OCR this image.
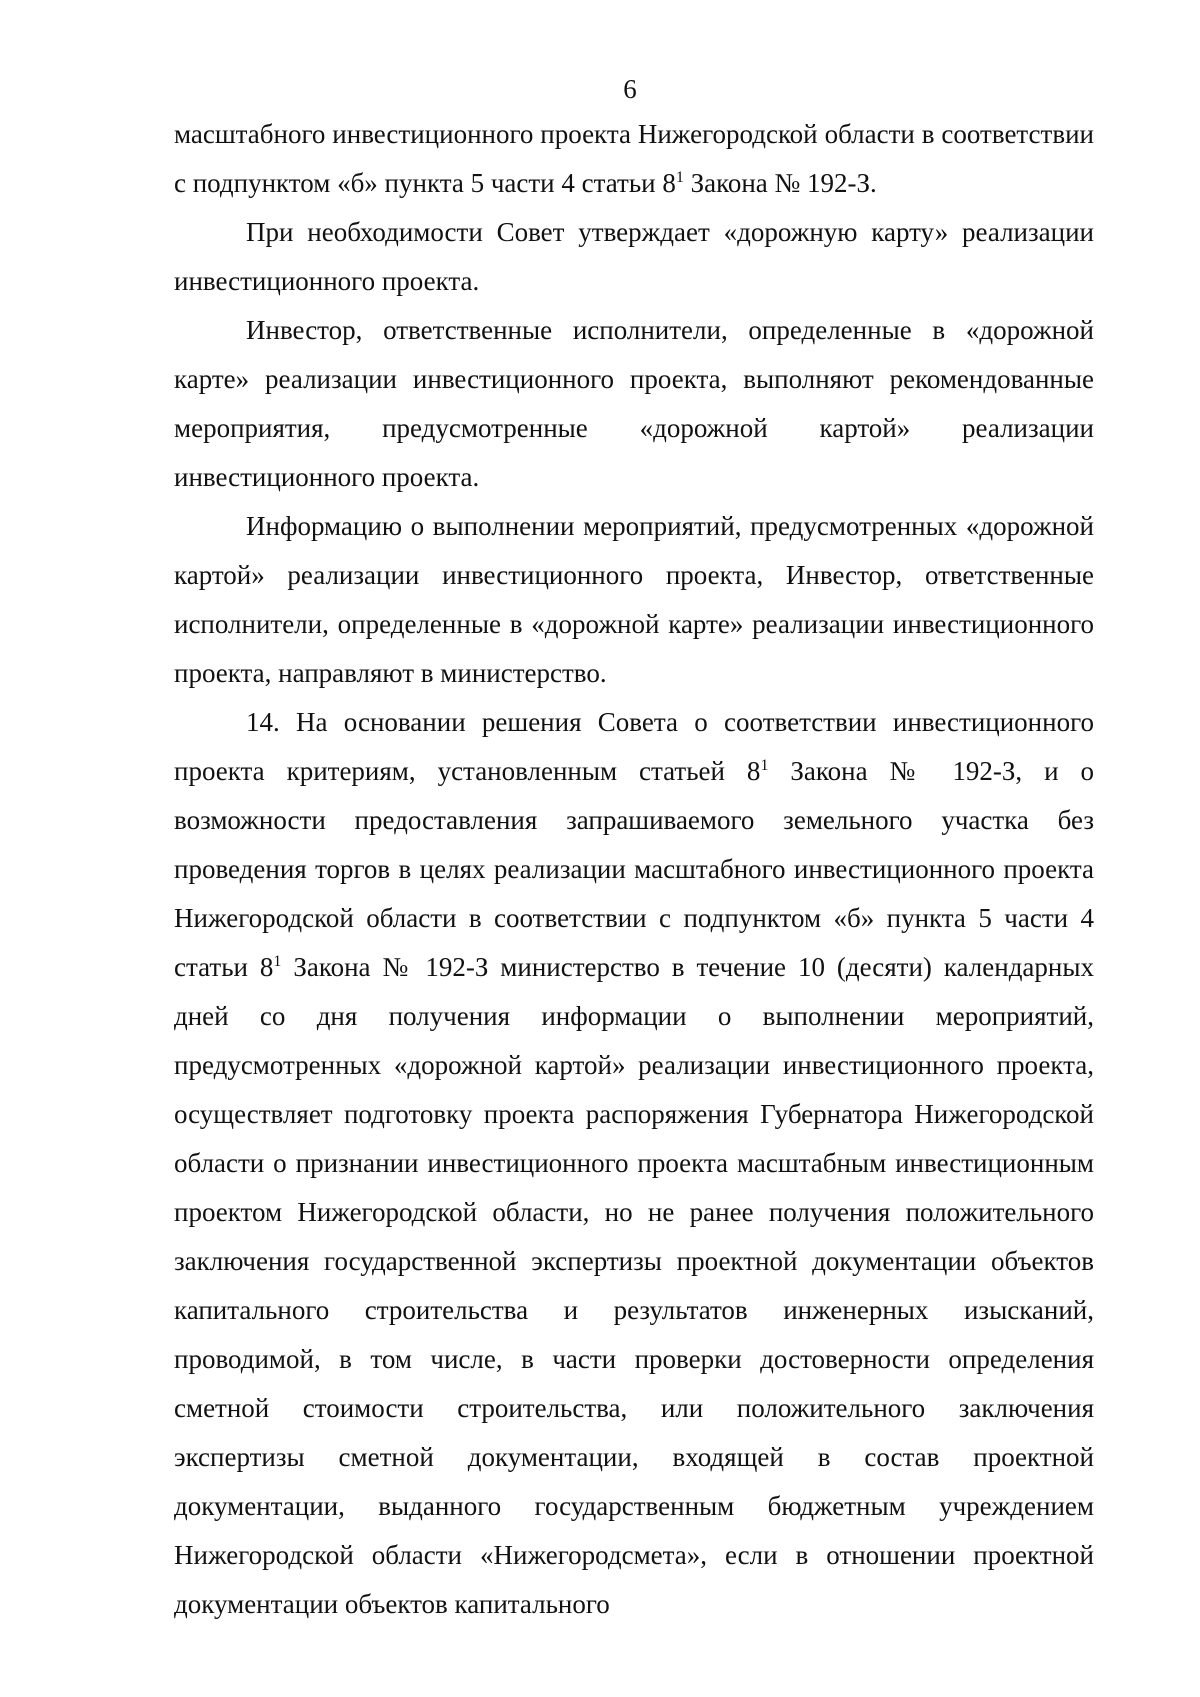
6

масштабного инвестиционного проекта Нижегородской области в соответствии с подпунктом «б» пункта 5 части 4 статьи $8^1$ Закона № 192-З.

При необходимости Совет утверждает «дорожную карту» реализации инвестиционного проекта.

Инвестор, ответственные исполнители, определенные в «дорожной карте» реализации инвестиционного проекта, выполняют рекомендованные мероприятия, предусмотренные «дорожной картой» реализации инвестиционного проекта.

Информацию о выполнении мероприятий, предусмотренных «дорожной картой» реализации инвестиционного проекта, Инвестор, ответственные исполнители, определенные в «дорожной карте» реализации инвестиционного проекта, направляют в министерство.

14. На основании решения Совета о соответствии инвестиционного проекта критериям, установленным статьей $8^1$ Закона № 192-З, и о возможности предоставления запрашиваемого земельного участка без проведения торгов в целях реализации масштабного инвестиционного проекта Нижегородской области в соответствии с подпунктом «б» пункта 5 части 4 статьи $8^1$ Закона № 192-З министерство в течение 10 (десяти) календарных дней со дня получения информации о выполнении мероприятий, предусмотренных «дорожной картой» реализации инвестиционного проекта, осуществляет подготовку проекта распоряжения Губернатора Нижегородской области о признании инвестиционного проекта масштабным инвестиционным проектом Нижегородской области, но не ранее получения положительного заключения государственной экспертизы проектной документации объектов капитального строительства и результатов инженерных изысканий, проводимой, в том числе, в части проверки достоверности определения сметной стоимости строительства, или положительного заключения экспертизы сметной документации, входящей в состав проектной документации, выданного государственным бюджетным учреждением Нижегородской области «Нижегородсмета», если в отношении проектной документации объектов капитального
